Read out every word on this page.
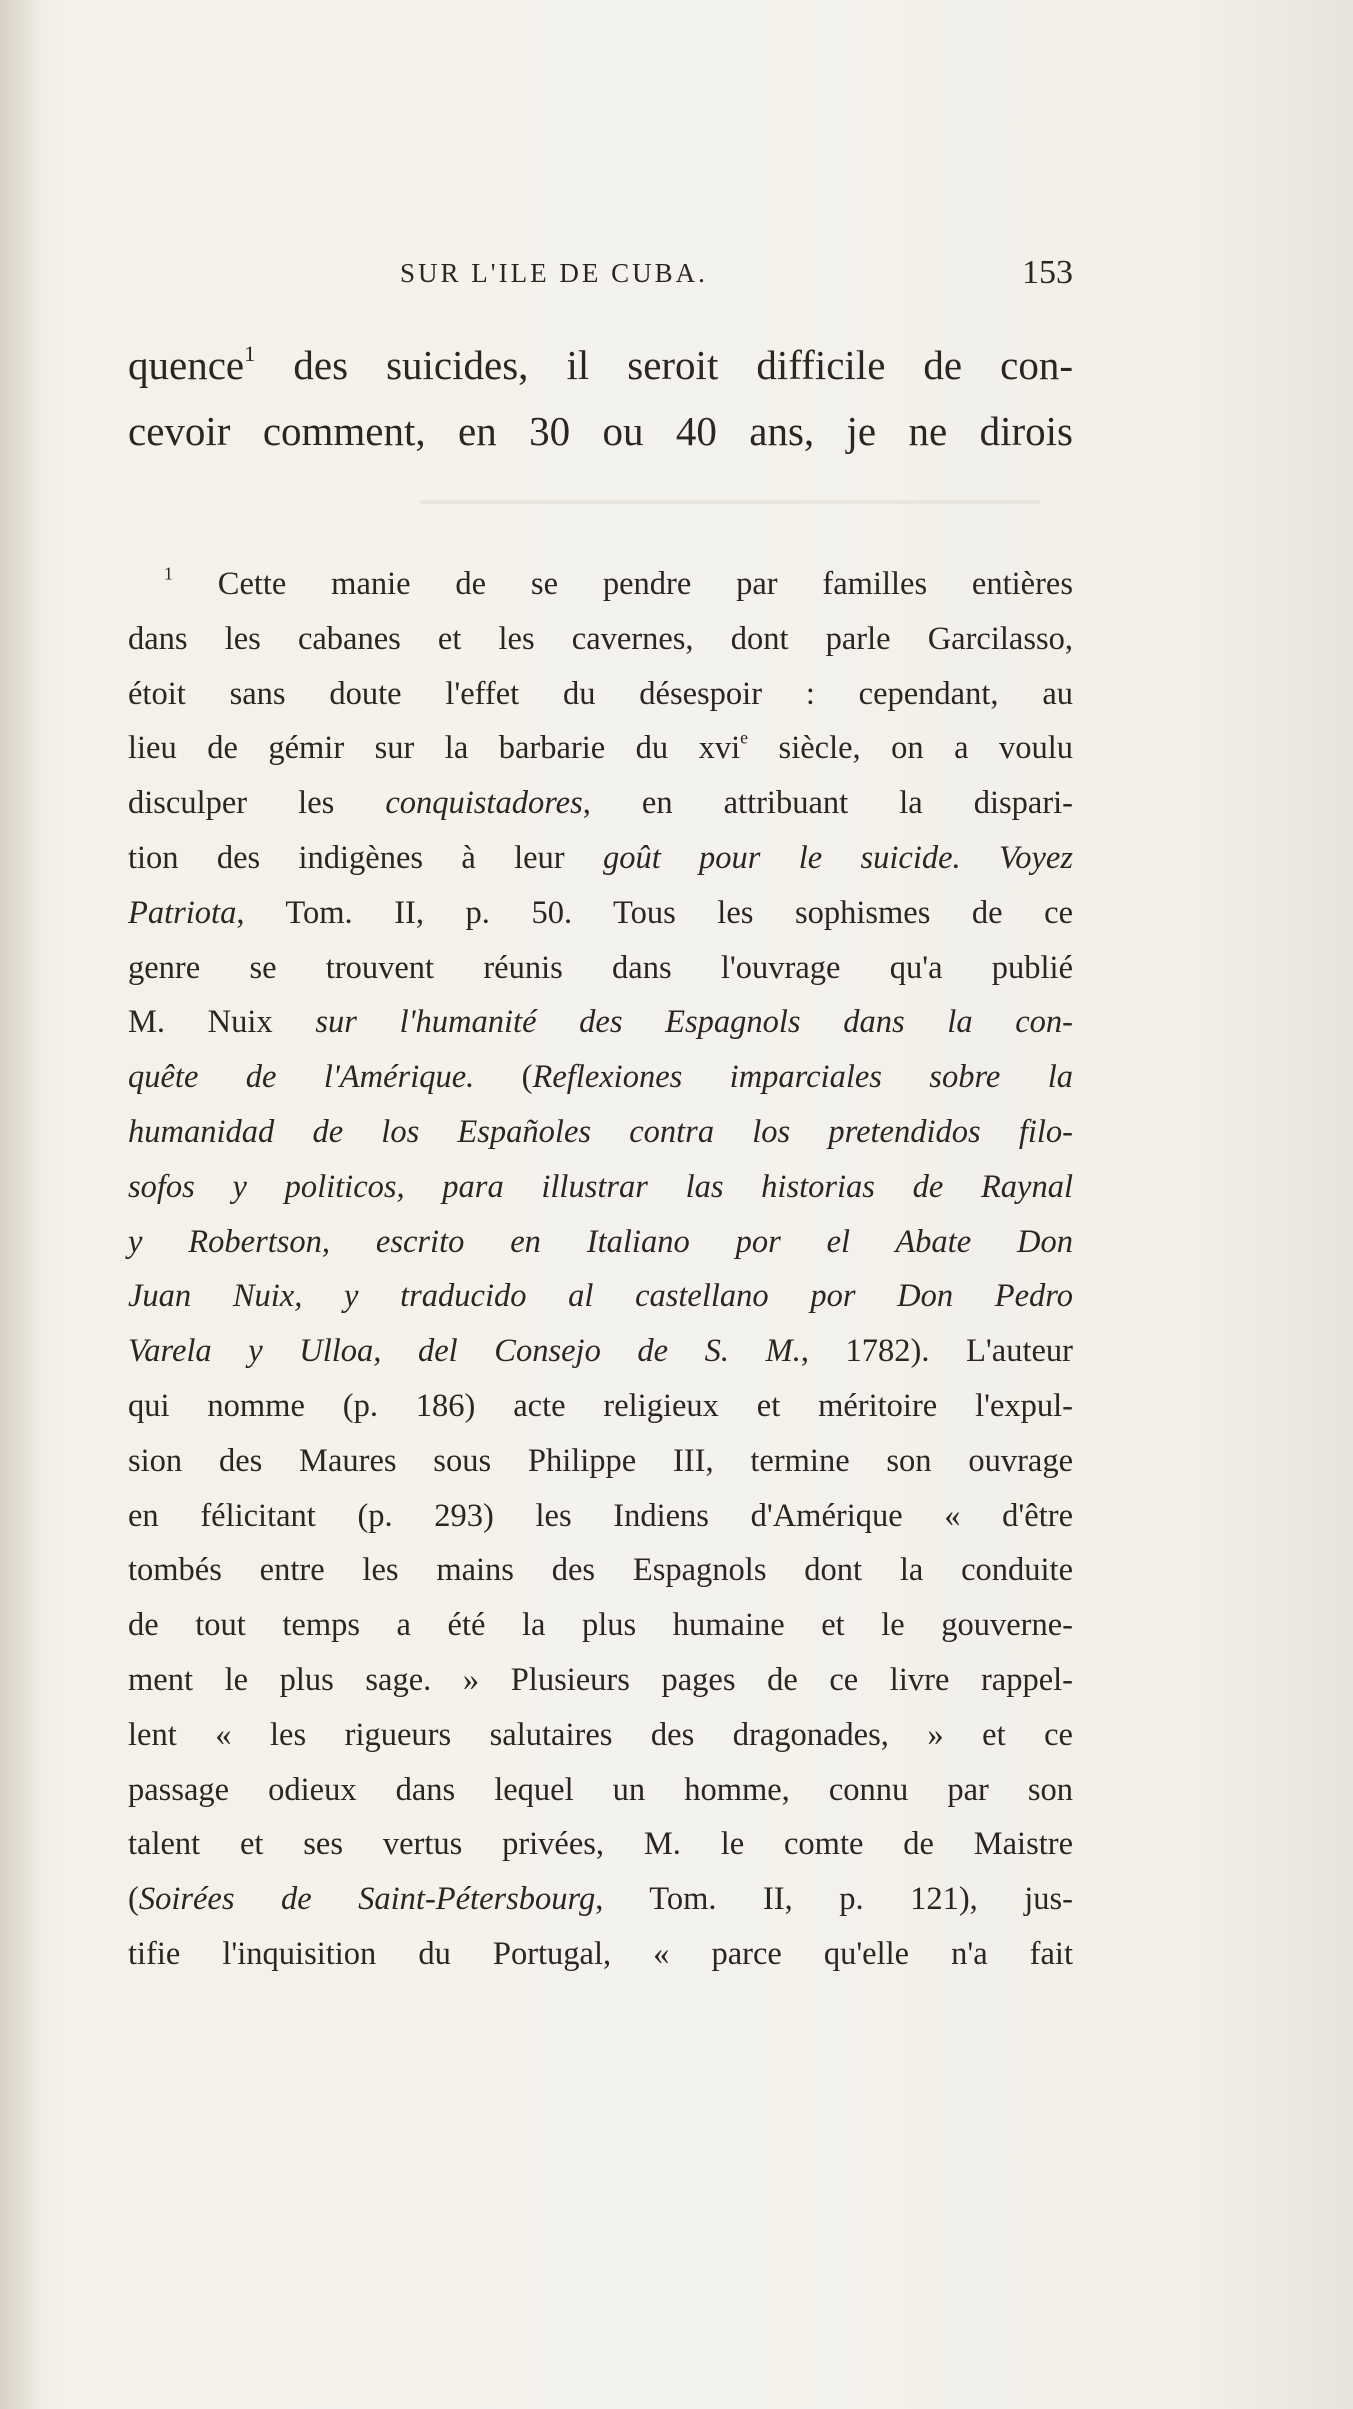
SUR L'ILE DE CUBA.	153
quence$^1$ des suicides, il seroit difficile de con-
cevoir comment, en 30 ou 40 ans, je ne dirois
$^1$ Cette manie de se pendre par familles entières
dans les cabanes et les cavernes, dont parle Garcilasso,
étoit sans doute l'effet du désespoir : cependant, au
lieu de gémir sur la barbarie du xvi$^e$ siècle, on a voulu
disculper les conquistadores, en attribuant la dispari-
tion des indigènes à leur goût pour le suicide. Voyez
Patriota, Tom. II, p. 50. Tous les sophismes de ce
genre se trouvent réunis dans l'ouvrage qu'a publié
M. Nuix sur l'humanité des Espagnols dans la con-
quête de l'Amérique. (Reflexiones imparciales sobre la
humanidad de los Españoles contra los pretendidos filo-
sofos y politicos, para illustrar las historias de Raynal
y Robertson, escrito en Italiano por el Abate Don
Juan Nuix, y traducido al castellano por Don Pedro
Varela y Ulloa, del Consejo de S. M., 1782). L'auteur
qui nomme (p. 186) acte religieux et méritoire l'expul-
sion des Maures sous Philippe III, termine son ouvrage
en félicitant (p. 293) les Indiens d'Amérique « d'être
tombés entre les mains des Espagnols dont la conduite
de tout temps a été la plus humaine et le gouverne-
ment le plus sage. » Plusieurs pages de ce livre rappel-
lent « les rigueurs salutaires des dragonades, » et ce
passage odieux dans lequel un homme, connu par son
talent et ses vertus privées, M. le comte de Maistre
(Soirées de Saint-Pétersbourg, Tom. II, p. 121), jus-
tifie l'inquisition du Portugal, « parce qu'elle n'a fait
